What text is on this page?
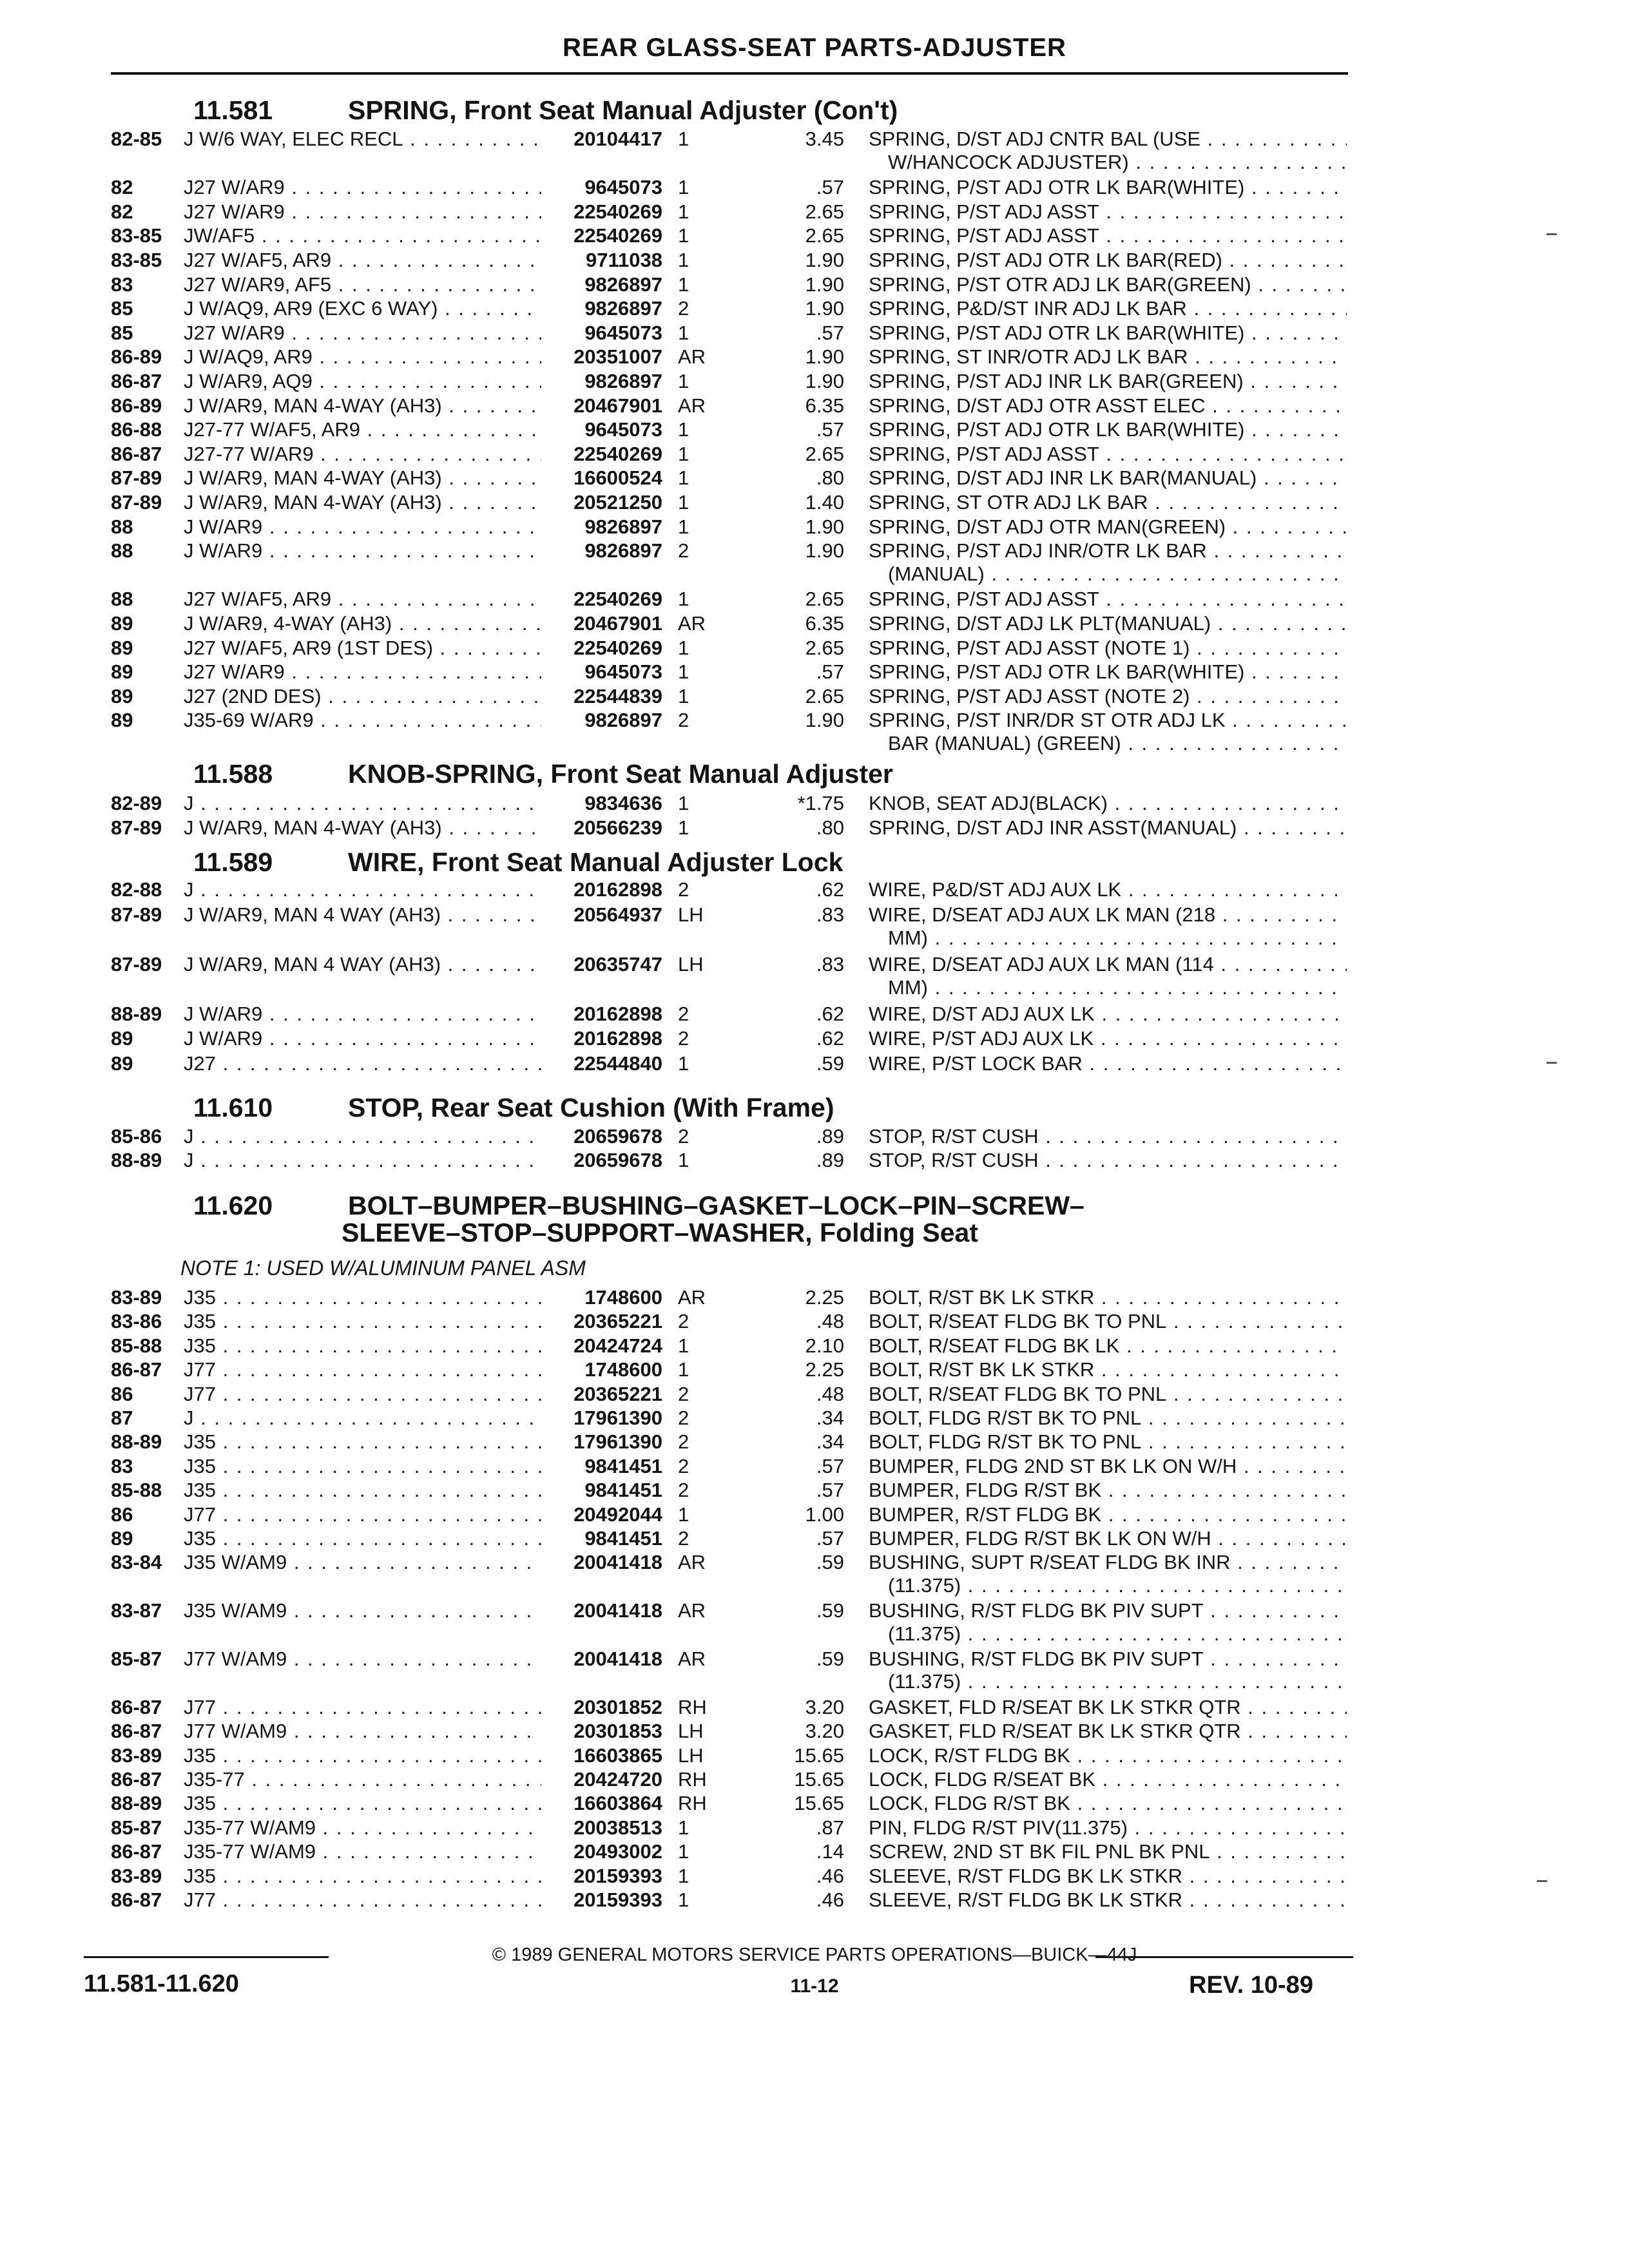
REAR GLASS-SEAT PARTS-ADJUSTER
11.581	SPRING, Front Seat Manual Adjuster (Con't)
82-85 J W/6 WAY, ELEC RECL . . .	20104417 1	3.45 SPRING, D/ST ADJ CNTR BAL (USE . . .
W/HANCOCK ADJUSTER) . . .
82	J27 W/AR9 . . .	9645073 1	.57 SPRING, P/ST ADJ OTR LK BAR(WHITE) . . .
82	J27 W/AR9 . . .	22540269 1	2.65 SPRING, P/ST ADJ ASST . . .
83-85 JW/AF5 . . .	22540269 1	2.65 SPRING, P/ST ADJ ASST . . .
83-85 J27 W/AF5, AR9 . . .	9711038 1	1.90 SPRING, P/ST ADJ OTR LK BAR(RED) . . .
83	J27 W/AR9, AF5 . . .	9826897 1	1.90 SPRING, P/ST OTR ADJ LK BAR(GREEN) . . .
85	J W/AQ9, AR9 (EXC 6 WAY) . . .	9826897 2	1.90 SPRING, P&D/ST INR ADJ LK BAR . . .
85	J27 W/AR9 . . .	9645073 1	.57 SPRING, P/ST ADJ OTR LK BAR(WHITE) . . .
86-89 J W/AQ9, AR9 . . .	20351007 AR	1.90 SPRING, ST INR/OTR ADJ LK BAR . . .
86-87 J W/AR9, AQ9 . . .	9826897 1	1.90 SPRING, P/ST ADJ INR LK BAR(GREEN) . . .
86-89 J W/AR9, MAN 4-WAY (AH3) . . .	20467901 AR	6.35 SPRING, D/ST ADJ OTR ASST ELEC . . .
86-88 J27-77 W/AF5, AR9 . . .	9645073 1	.57 SPRING, P/ST ADJ OTR LK BAR(WHITE) . . .
86-87 J27-77 W/AR9 . . .	22540269 1	2.65 SPRING, P/ST ADJ ASST . . .
87-89 J W/AR9, MAN 4-WAY (AH3) . . .	16600524 1	.80 SPRING, D/ST ADJ INR LK BAR(MANUAL) . . .
87-89 J W/AR9, MAN 4-WAY (AH3) . . .	20521250 1	1.40 SPRING, ST OTR ADJ LK BAR . . .
88	J W/AR9 . . .	9826897 1	1.90 SPRING, D/ST ADJ OTR MAN(GREEN) . . .
88	J W/AR9 . . .	9826897 2	1.90 SPRING, P/ST ADJ INR/OTR LK BAR . . .
(MANUAL) . . .
88	J27 W/AF5, AR9 . . .	22540269 1	2.65 SPRING, P/ST ADJ ASST . . .
89	J W/AR9, 4-WAY (AH3) . . .	20467901 AR	6.35 SPRING, D/ST ADJ LK PLT(MANUAL) . . .
89	J27 W/AF5, AR9 (1ST DES) . . .	22540269 1	2.65 SPRING, P/ST ADJ ASST (NOTE 1) . . .
89	J27 W/AR9 . . .	9645073 1	.57 SPRING, P/ST ADJ OTR LK BAR(WHITE) . . .
89	J27 (2ND DES) . . .	22544839 1	2.65 SPRING, P/ST ADJ ASST (NOTE 2) . . .
89	J35-69 W/AR9 . . .	9826897 2	1.90 SPRING, P/ST INR/DR ST OTR ADJ LK . . .
BAR (MANUAL) (GREEN) . . .
11.588	KNOB-SPRING, Front Seat Manual Adjuster
82-89 J . . .	9834636 1	*1.75 KNOB, SEAT ADJ(BLACK) . . .
87-89 J W/AR9, MAN 4-WAY (AH3) . . .	20566239 1	.80 SPRING, D/ST ADJ INR ASST(MANUAL) . . .
11.589	WIRE, Front Seat Manual Adjuster Lock
82-88 J . . .	20162898 2	.62 WIRE, P&D/ST ADJ AUX LK . . .
87-89 J W/AR9, MAN 4 WAY (AH3) . . .	20564937 LH	.83 WIRE, D/SEAT ADJ AUX LK MAN (218 . . .
MM) . . .
87-89 J W/AR9, MAN 4 WAY (AH3) . . .	20635747 LH	.83 WIRE, D/SEAT ADJ AUX LK MAN (114 . . .
MM) . . .
88-89 J W/AR9 . . .	20162898 2	.62 WIRE, D/ST ADJ AUX LK . . .
89	J W/AR9 . . .	20162898 2	.62 WIRE, P/ST ADJ AUX LK . . .
89	J27 . . .	22544840 1	.59 WIRE, P/ST LOCK BAR . . .
11.610	STOP, Rear Seat Cushion (With Frame)
85-86 J . . .	20659678 2	.89 STOP, R/ST CUSH . . .
88-89 J . . .	20659678 1	.89 STOP, R/ST CUSH . . .
11.620	BOLT–BUMPER–BUSHING–GASKET–LOCK–PIN–SCREW–
SLEEVE–STOP–SUPPORT–WASHER, Folding Seat
NOTE 1: USED W/ALUMINUM PANEL ASM
83-89 J35 . . .	1748600 AR	2.25 BOLT, R/ST BK LK STKR . . .
83-86 J35 . . .	20365221 2	.48 BOLT, R/SEAT FLDG BK TO PNL . . .
85-88 J35 . . .	20424724 1	2.10 BOLT, R/SEAT FLDG BK LK . . .
86-87 J77 . . .	1748600 1	2.25 BOLT, R/ST BK LK STKR . . .
86	J77 . . .	20365221 2	.48 BOLT, R/SEAT FLDG BK TO PNL . . .
87	J . . .	17961390 2	.34 BOLT, FLDG R/ST BK TO PNL . . .
88-89 J35 . . .	17961390 2	.34 BOLT, FLDG R/ST BK TO PNL . . .
83	J35 . . .	9841451 2	.57 BUMPER, FLDG 2ND ST BK LK ON W/H . . .
85-88 J35 . . .	9841451 2	.57 BUMPER, FLDG R/ST BK . . .
86	J77 . . .	20492044 1	1.00 BUMPER, R/ST FLDG BK . . .
89	J35 . . .	9841451 2	.57 BUMPER, FLDG R/ST BK LK ON W/H . . .
83-84 J35 W/AM9 . . .	20041418 AR	.59 BUSHING, SUPT R/SEAT FLDG BK INR . . .
(11.375) . . .
83-87 J35 W/AM9 . . .	20041418 AR	.59 BUSHING, R/ST FLDG BK PIV SUPT . . .
(11.375) . . .
85-87 J77 W/AM9 . . .	20041418 AR	.59 BUSHING, R/ST FLDG BK PIV SUPT . . .
(11.375) . . .
86-87 J77 . . .	20301852 RH	3.20 GASKET, FLD R/SEAT BK LK STKR QTR . . .
86-87 J77 W/AM9 . . .	20301853 LH	3.20 GASKET, FLD R/SEAT BK LK STKR QTR . . .
83-89 J35 . . .	16603865 LH	15.65 LOCK, R/ST FLDG BK . . .
86-87 J35-77 . . .	20424720 RH	15.65 LOCK, FLDG R/SEAT BK . . .
88-89 J35 . . .	16603864 RH	15.65 LOCK, FLDG R/ST BK . . .
85-87 J35-77 W/AM9 . . .	20038513 1	.87 PIN, FLDG R/ST PIV(11.375) . . .
86-87 J35-77 W/AM9 . . .	20493002 1	.14 SCREW, 2ND ST BK FIL PNL BK PNL . . .
83-89 J35 . . .	20159393 1	.46 SLEEVE, R/ST FLDG BK LK STKR . . .
86-87 J77 . . .	20159393 1	.46 SLEEVE, R/ST FLDG BK LK STKR . . .
© 1989 GENERAL MOTORS SERVICE PARTS OPERATIONS—BUICK—44J
11.581-11.620	11-12	REV. 10-89
